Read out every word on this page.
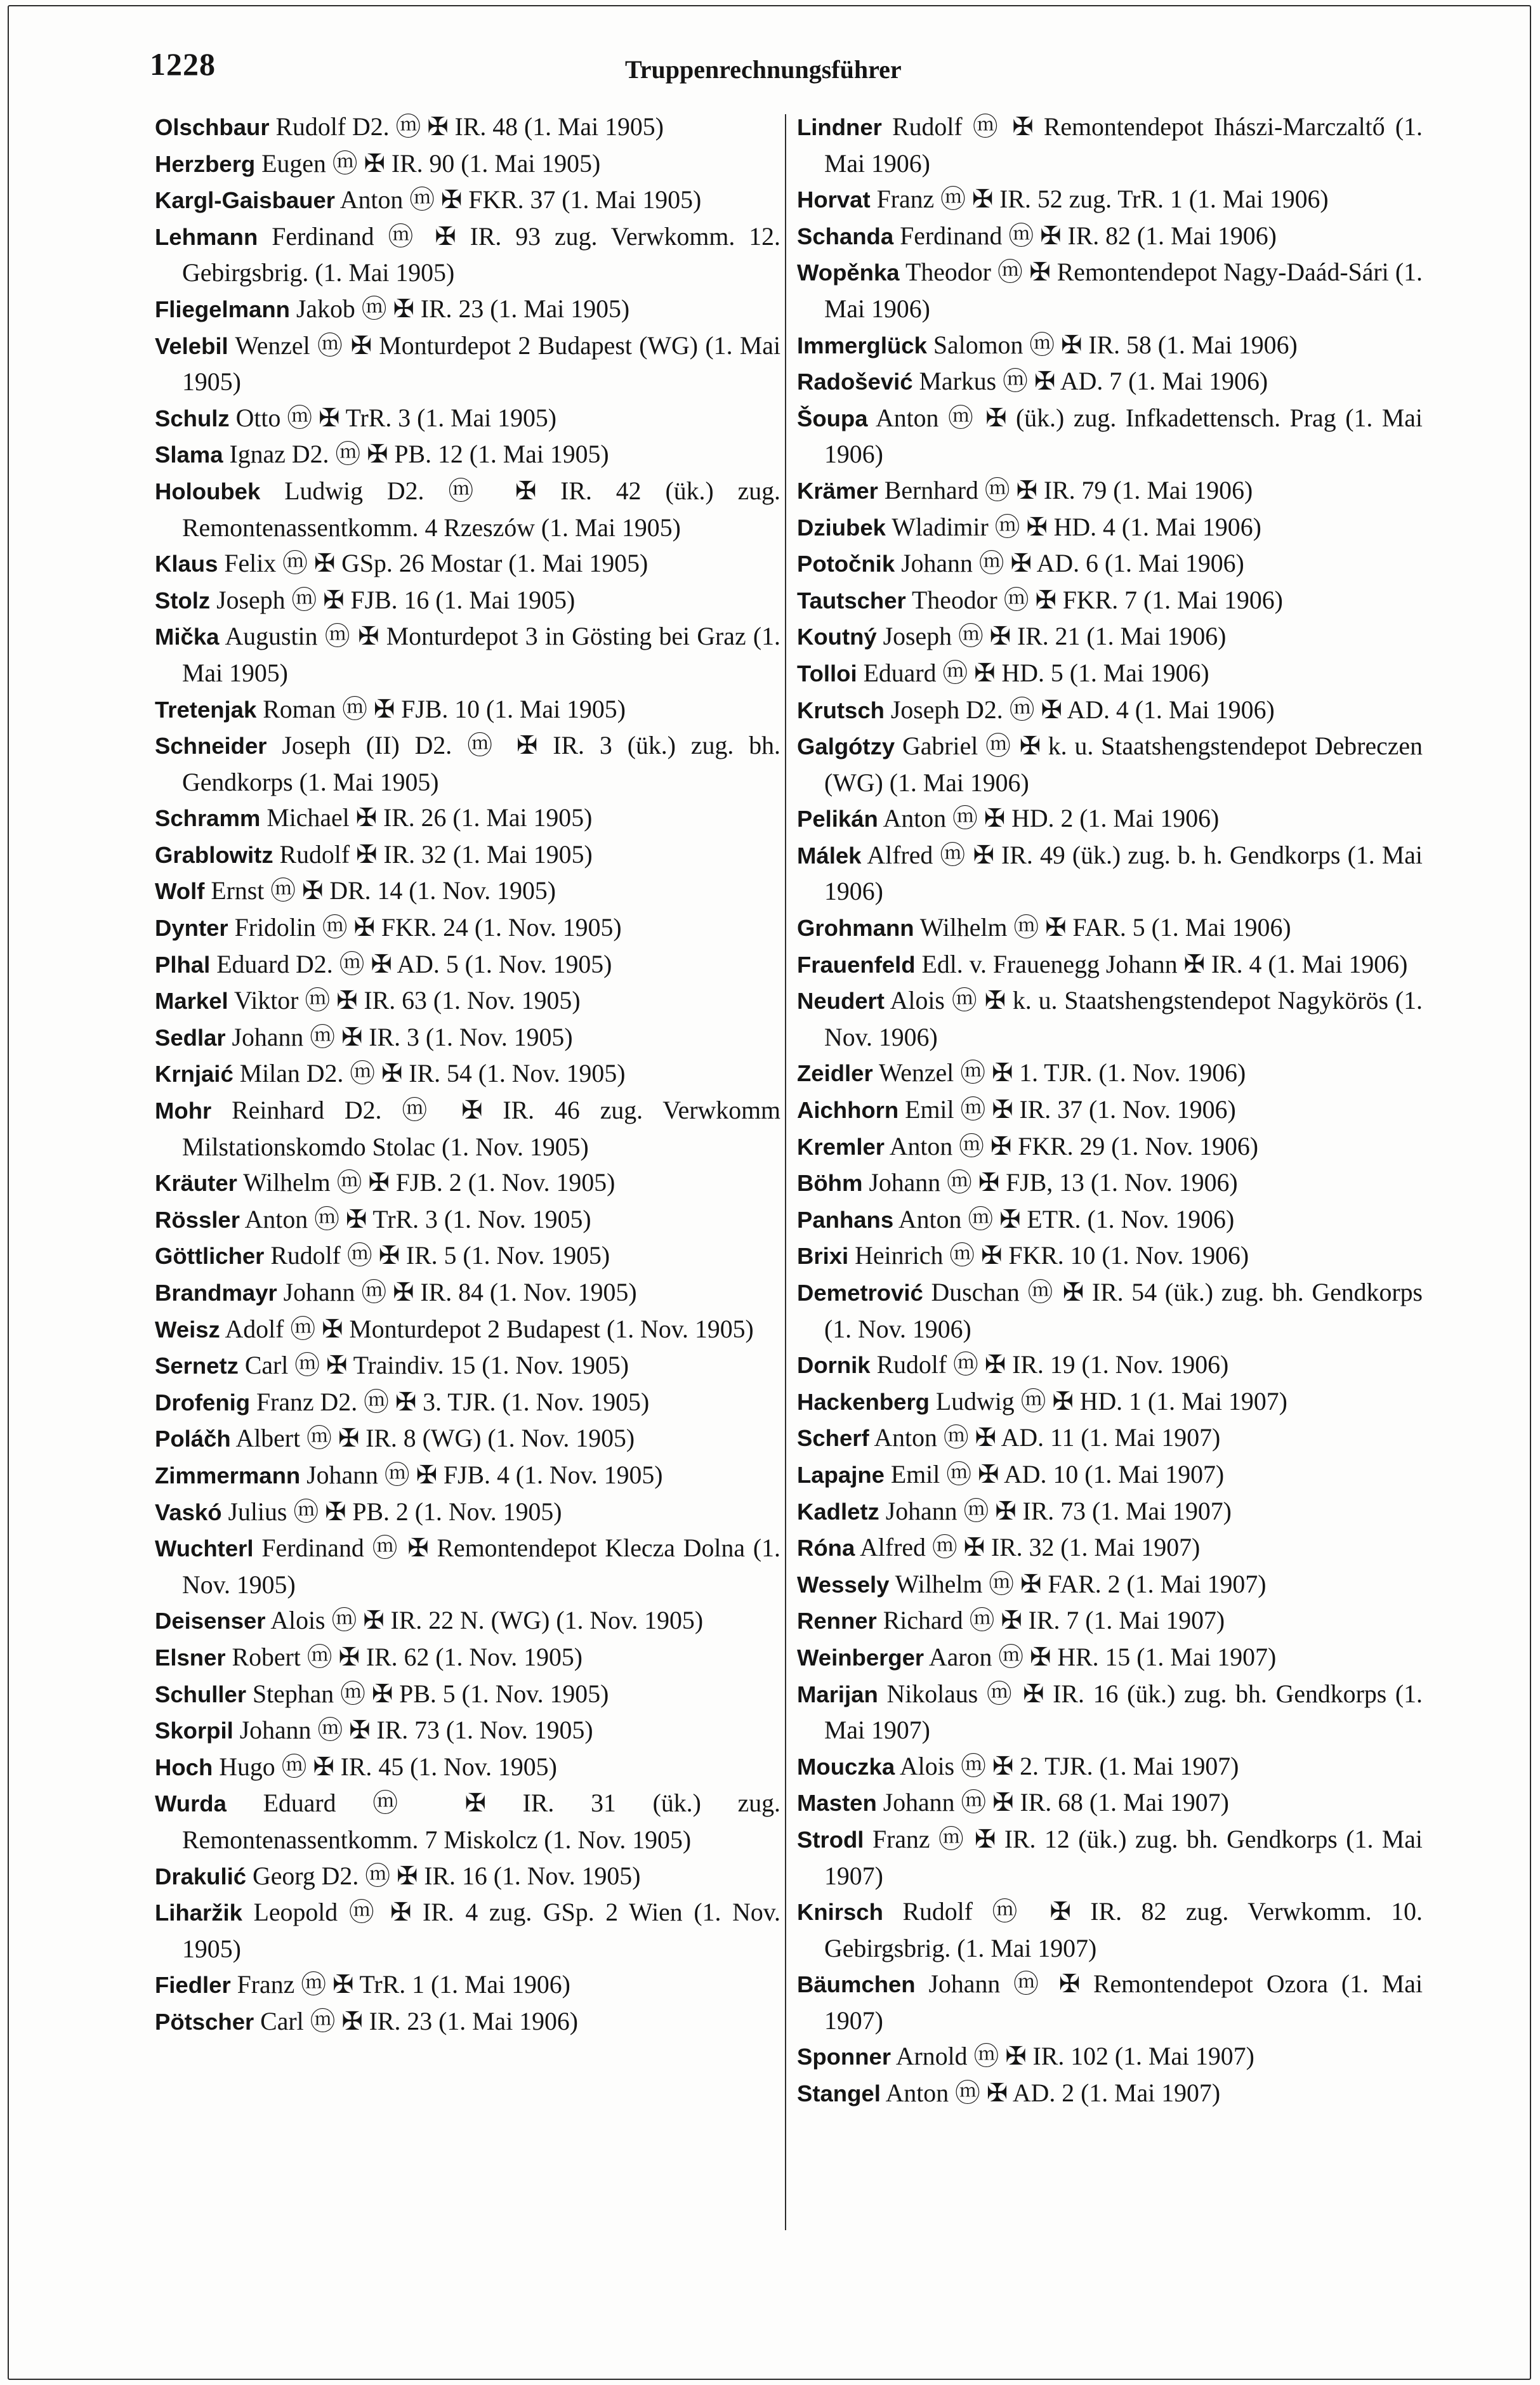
1228	Truppenrechnungsführer
Olschbaur Rudolf D2. ⓜ ✠ IR. 48 (1. Mai 1905)
Herzberg Eugen ⓜ ✠ IR. 90 (1. Mai 1905)
Kargl-Gaisbauer Anton ⓜ ✠ FKR. 37 (1. Mai 1905)
Lehmann Ferdinand ⓜ ✠ IR. 93 zug. Verwkomm. 12. Gebirgsbrig. (1. Mai 1905)
Fliegelmann Jakob ⓜ ✠ IR. 23 (1. Mai 1905)
Velebil Wenzel ⓜ ✠ Monturdepot 2 Budapest (WG) (1. Mai 1905)
Schulz Otto ⓜ ✠ TrR. 3 (1. Mai 1905)
Slama Ignaz D2. ⓜ ✠ PB. 12 (1. Mai 1905)
Holoubek Ludwig D2. ⓜ ✠ IR. 42 (ük.) zug. Remontenassentkomm. 4 Rzeszów (1. Mai 1905)
Klaus Felix ⓜ ✠ GSp. 26 Mostar (1. Mai 1905)
Stolz Joseph ⓜ ✠ FJB. 16 (1. Mai 1905)
Mička Augustin ⓜ ✠ Monturdepot 3 in Gösting bei Graz (1. Mai 1905)
Tretenjak Roman ⓜ ✠ FJB. 10 (1. Mai 1905)
Schneider Joseph (II) D2. ⓜ ✠ IR. 3 (ük.) zug. bh. Gendkorps (1. Mai 1905)
Schramm Michael ✠ IR. 26 (1. Mai 1905)
Grablowitz Rudolf ✠ IR. 32 (1. Mai 1905)
Wolf Ernst ⓜ ✠ DR. 14 (1. Nov. 1905)
Dynter Fridolin ⓜ ✠ FKR. 24 (1. Nov. 1905)
Plhal Eduard D2. ⓜ ✠ AD. 5 (1. Nov. 1905)
Markel Viktor ⓜ ✠ IR. 63 (1. Nov. 1905)
Sedlar Johann ⓜ ✠ IR. 3 (1. Nov. 1905)
Krnjaić Milan D2. ⓜ ✠ IR. 54 (1. Nov. 1905)
Mohr Reinhard D2. ⓜ ✠ IR. 46 zug. Verwkomm Milstationskomdo Stolac (1. Nov. 1905)
Kräuter Wilhelm ⓜ ✠ FJB. 2 (1. Nov. 1905)
Rössler Anton ⓜ ✠ TrR. 3 (1. Nov. 1905)
Göttlicher Rudolf ⓜ ✠ IR. 5 (1. Nov. 1905)
Brandmayr Johann ⓜ ✠ IR. 84 (1. Nov. 1905)
Weisz Adolf ⓜ ✠ Monturdepot 2 Budapest (1. Nov. 1905)
Sernetz Carl ⓜ ✠ Traindiv. 15 (1. Nov. 1905)
Drofenig Franz D2. ⓜ ✠ 3. TJR. (1. Nov. 1905)
Poláčh Albert ⓜ ✠ IR. 8 (WG) (1. Nov. 1905)
Zimmermann Johann ⓜ ✠ FJB. 4 (1. Nov. 1905)
Vaskó Julius ⓜ ✠ PB. 2 (1. Nov. 1905)
Wuchterl Ferdinand ⓜ ✠ Remontendepot Klecza Dolna (1. Nov. 1905)
Deisenser Alois ⓜ ✠ IR. 22 N. (WG) (1. Nov. 1905)
Elsner Robert ⓜ ✠ IR. 62 (1. Nov. 1905)
Schuller Stephan ⓜ ✠ PB. 5 (1. Nov. 1905)
Skorpil Johann ⓜ ✠ IR. 73 (1. Nov. 1905)
Hoch Hugo ⓜ ✠ IR. 45 (1. Nov. 1905)
Wurda Eduard ⓜ ✠ IR. 31 (ük.) zug. Remontenassentkomm. 7 Miskolcz (1. Nov. 1905)
Drakulić Georg D2. ⓜ ✠ IR. 16 (1. Nov. 1905)
Liharžik Leopold ⓜ ✠ IR. 4 zug. GSp. 2 Wien (1. Nov. 1905)
Fiedler Franz ⓜ ✠ TrR. 1 (1. Mai 1906)
Pötscher Carl ⓜ ✠ IR. 23 (1. Mai 1906)
Lindner Rudolf ⓜ ✠ Remontendepot Ihászi-Marczaltő (1. Mai 1906)
Horvat Franz ⓜ ✠ IR. 52 zug. TrR. 1 (1. Mai 1906)
Schanda Ferdinand ⓜ ✠ IR. 82 (1. Mai 1906)
Wopěnka Theodor ⓜ ✠ Remontendepot Nagy-Daád-Sári (1. Mai 1906)
Immerglück Salomon ⓜ ✠ IR. 58 (1. Mai 1906)
Radošević Markus ⓜ ✠ AD. 7 (1. Mai 1906)
Šoupa Anton ⓜ ✠ (ük.) zug. Infkadettensch. Prag (1. Mai 1906)
Krämer Bernhard ⓜ ✠ IR. 79 (1. Mai 1906)
Dziubek Wladimir ⓜ ✠ HD. 4 (1. Mai 1906)
Potočnik Johann ⓜ ✠ AD. 6 (1. Mai 1906)
Tautscher Theodor ⓜ ✠ FKR. 7 (1. Mai 1906)
Koutný Joseph ⓜ ✠ IR. 21 (1. Mai 1906)
Tolloi Eduard ⓜ ✠ HD. 5 (1. Mai 1906)
Krutsch Joseph D2. ⓜ ✠ AD. 4 (1. Mai 1906)
Galgótzy Gabriel ⓜ ✠ k. u. Staatshengstendepot Debreczen (WG) (1. Mai 1906)
Pelikán Anton ⓜ ✠ HD. 2 (1. Mai 1906)
Málek Alfred ⓜ ✠ IR. 49 (ük.) zug. b. h. Gendkorps (1. Mai 1906)
Grohmann Wilhelm ⓜ ✠ FAR. 5 (1. Mai 1906)
Frauenfeld Edl. v. Frauenegg Johann ✠ IR. 4 (1. Mai 1906)
Neudert Alois ⓜ ✠ k. u. Staatshengstendepot Nagykörös (1. Nov. 1906)
Zeidler Wenzel ⓜ ✠ 1. TJR. (1. Nov. 1906)
Aichhorn Emil ⓜ ✠ IR. 37 (1. Nov. 1906)
Kremler Anton ⓜ ✠ FKR. 29 (1. Nov. 1906)
Böhm Johann ⓜ ✠ FJB, 13 (1. Nov. 1906)
Panhans Anton ⓜ ✠ ETR. (1. Nov. 1906)
Brixi Heinrich ⓜ ✠ FKR. 10 (1. Nov. 1906)
Demetrović Duschan ⓜ ✠ IR. 54 (ük.) zug. bh. Gendkorps (1. Nov. 1906)
Dornik Rudolf ⓜ ✠ IR. 19 (1. Nov. 1906)
Hackenberg Ludwig ⓜ ✠ HD. 1 (1. Mai 1907)
Scherf Anton ⓜ ✠ AD. 11 (1. Mai 1907)
Lapajne Emil ⓜ ✠ AD. 10 (1. Mai 1907)
Kadletz Johann ⓜ ✠ IR. 73 (1. Mai 1907)
Róna Alfred ⓜ ✠ IR. 32 (1. Mai 1907)
Wessely Wilhelm ⓜ ✠ FAR. 2 (1. Mai 1907)
Renner Richard ⓜ ✠ IR. 7 (1. Mai 1907)
Weinberger Aaron ⓜ ✠ HR. 15 (1. Mai 1907)
Marijan Nikolaus ⓜ ✠ IR. 16 (ük.) zug. bh. Gendkorps (1. Mai 1907)
Mouczka Alois ⓜ ✠ 2. TJR. (1. Mai 1907)
Masten Johann ⓜ ✠ IR. 68 (1. Mai 1907)
Strodl Franz ⓜ ✠ IR. 12 (ük.) zug. bh. Gendkorps (1. Mai 1907)
Knirsch Rudolf ⓜ ✠ IR. 82 zug. Verwkomm. 10. Gebirgsbrig. (1. Mai 1907)
Bäumchen Johann ⓜ ✠ Remontendepot Ozora (1. Mai 1907)
Sponner Arnold ⓜ ✠ IR. 102 (1. Mai 1907)
Stangel Anton ⓜ ✠ AD. 2 (1. Mai 1907)
